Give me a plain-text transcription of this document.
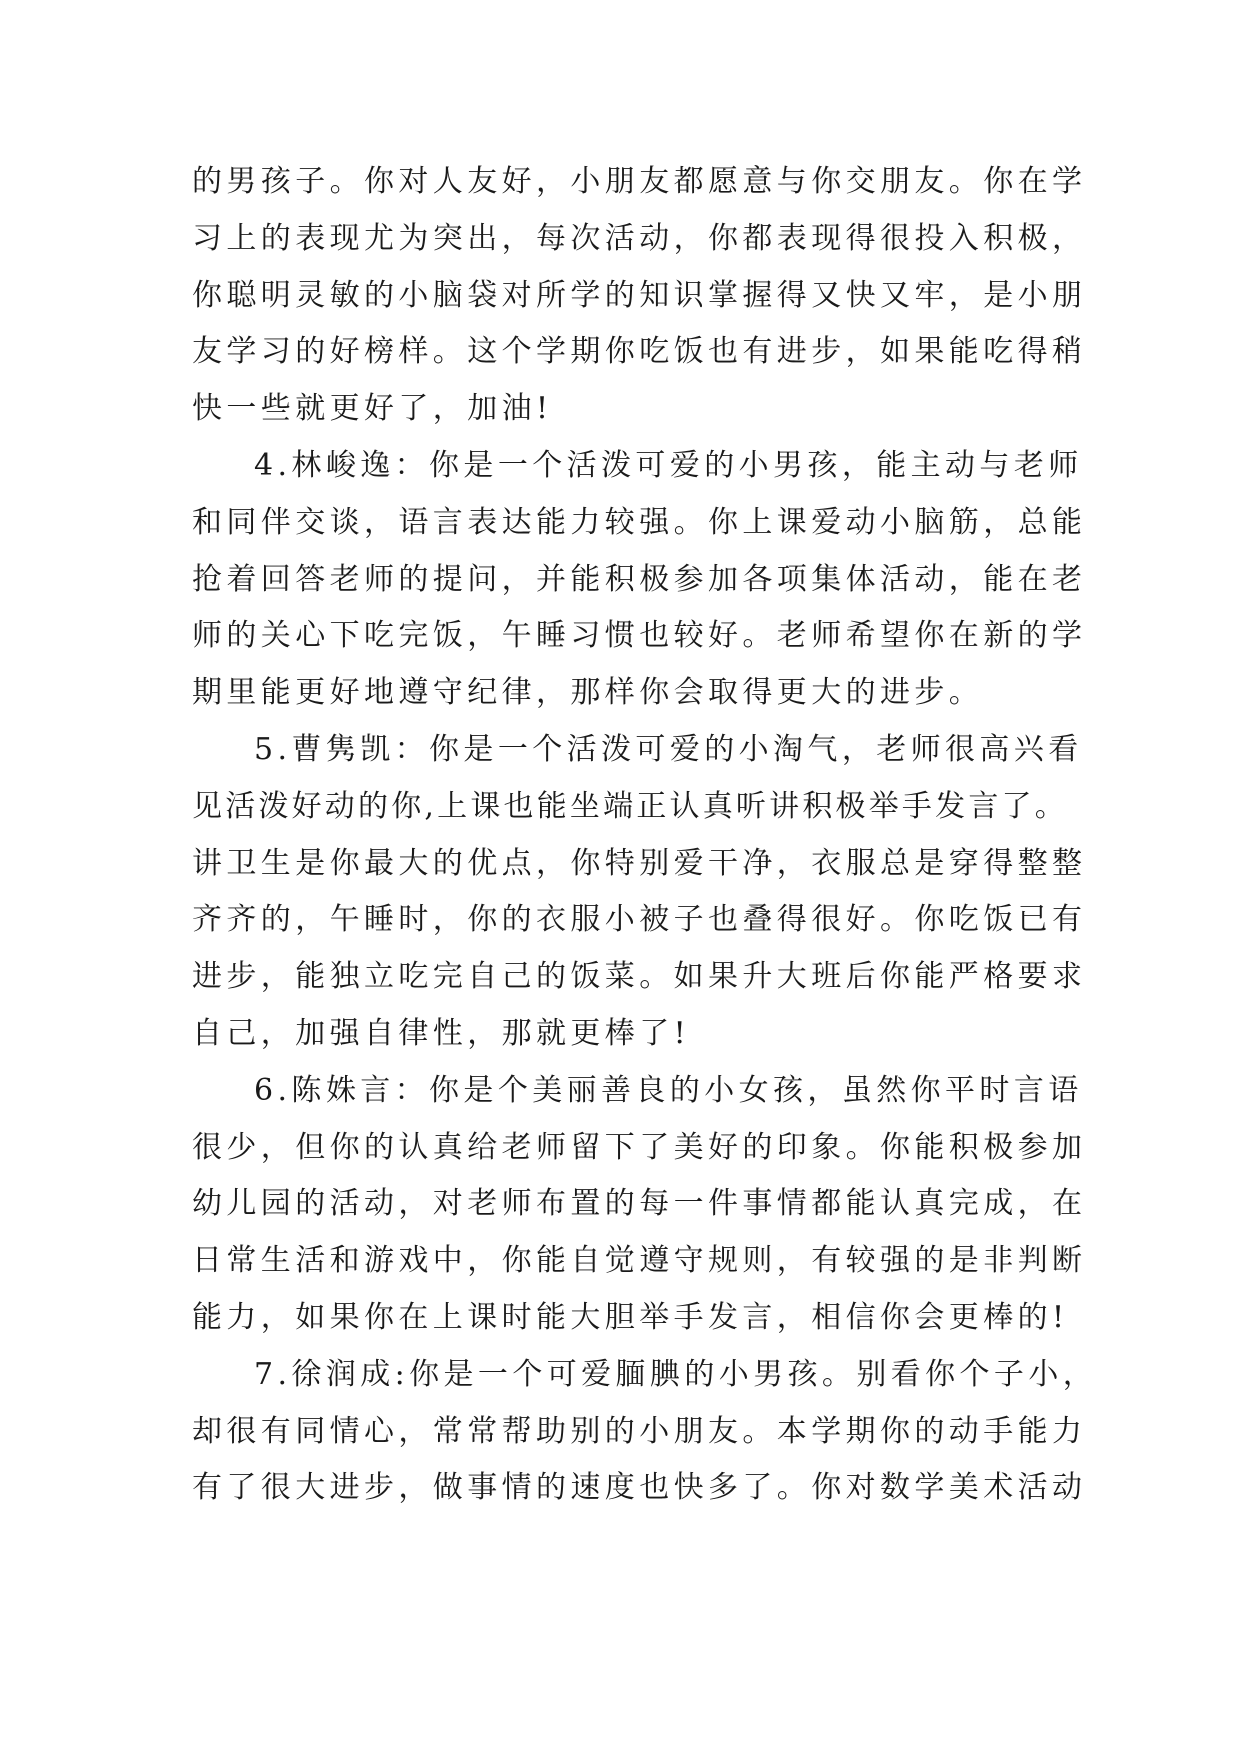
的男孩子。你对人友好，小朋友都愿意与你交朋友。你在学
习上的表现尤为突出，每次活动，你都表现得很投入积极，
你聪明灵敏的小脑袋对所学的知识掌握得又快又牢，是小朋
友学习的好榜样。这个学期你吃饭也有进步，如果能吃得稍
快一些就更好了，加油!
4.林峻逸：你是一个活泼可爱的小男孩，能主动与老师
和同伴交谈，语言表达能力较强。你上课爱动小脑筋，总能
抢着回答老师的提问，并能积极参加各项集体活动，能在老
师的关心下吃完饭，午睡习惯也较好。老师希望你在新的学
期里能更好地遵守纪律，那样你会取得更大的进步。
5.曹隽凯：你是一个活泼可爱的小淘气，老师很高兴看
见活泼好动的你,上课也能坐端正认真听讲积极举手发言了。
讲卫生是你最大的优点，你特别爱干净，衣服总是穿得整整
齐齐的，午睡时，你的衣服小被子也叠得很好。你吃饭已有
进步，能独立吃完自己的饭菜。如果升大班后你能严格要求
自己，加强自律性，那就更棒了!
6.陈姝言：你是个美丽善良的小女孩，虽然你平时言语
很少，但你的认真给老师留下了美好的印象。你能积极参加
幼儿园的活动，对老师布置的每一件事情都能认真完成，在
日常生活和游戏中，你能自觉遵守规则，有较强的是非判断
能力，如果你在上课时能大胆举手发言，相信你会更棒的!
7.徐润成:你是一个可爱腼腆的小男孩。别看你个子小，
却很有同情心，常常帮助别的小朋友。本学期你的动手能力
有了很大进步，做事情的速度也快多了。你对数学美术活动
